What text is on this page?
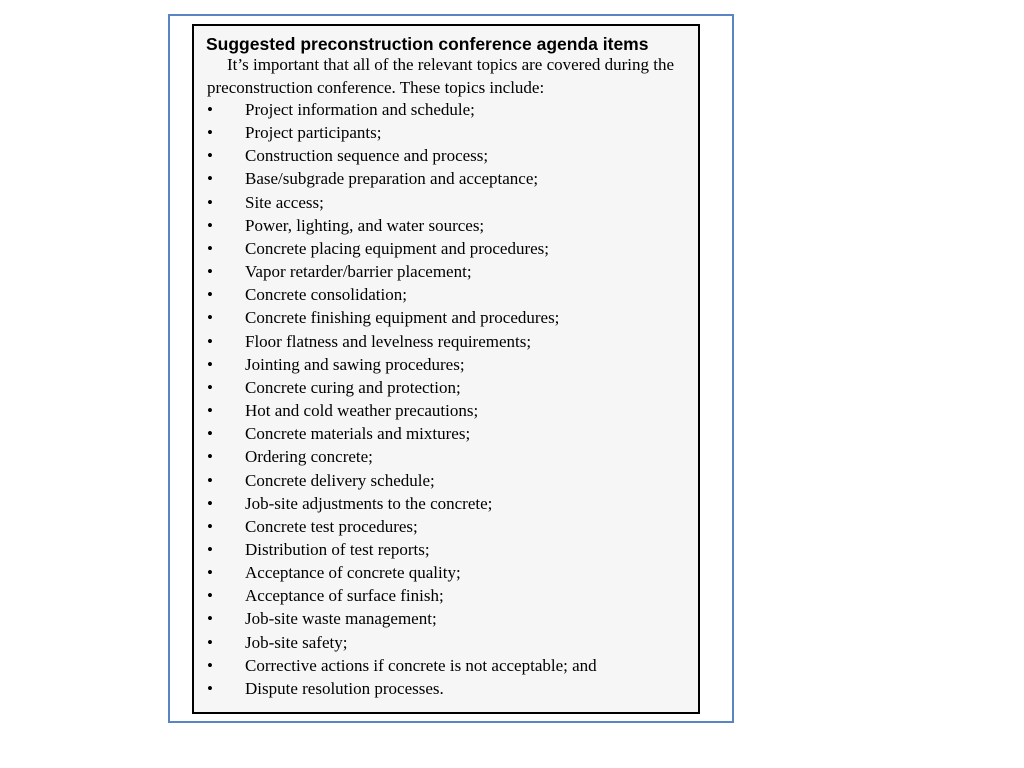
Suggested preconstruction conference agenda items

It’s important that all of the relevant topics are covered during the preconstruction conference. These topics include:

• Project information and schedule;
• Project participants;
• Construction sequence and process;
• Base/subgrade preparation and acceptance;
• Site access;
• Power, lighting, and water sources;
• Concrete placing equipment and procedures;
• Vapor retarder/barrier placement;
• Concrete consolidation;
• Concrete finishing equipment and procedures;
• Floor flatness and levelness requirements;
• Jointing and sawing procedures;
• Concrete curing and protection;
• Hot and cold weather precautions;
• Concrete materials and mixtures;
• Ordering concrete;
• Concrete delivery schedule;
• Job-site adjustments to the concrete;
• Concrete test procedures;
• Distribution of test reports;
• Acceptance of concrete quality;
• Acceptance of surface finish;
• Job-site waste management;
• Job-site safety;
• Corrective actions if concrete is not acceptable; and
• Dispute resolution processes.
